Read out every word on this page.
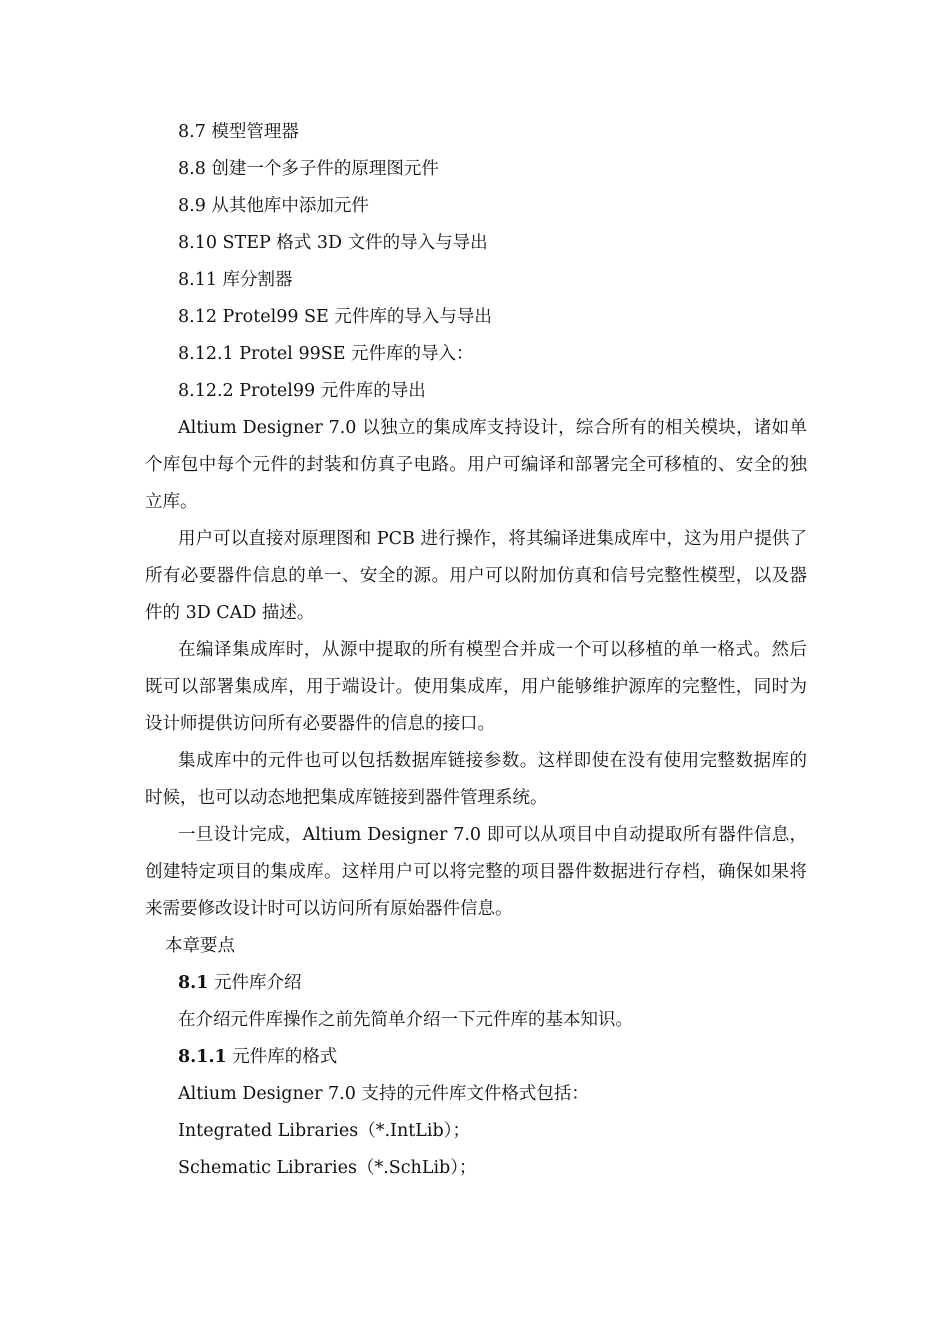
8.7 模型管理器

8.8 创建一个多子件的原理图元件

8.9 从其他库中添加元件

8.10 STEP 格式 3D 文件的导入与导出

8.11 库分割器

8.12 Protel99 SE 元件库的导入与导出

8.12.1 Protel 99SE 元件库的导入：

8.12.2 Protel99 元件库的导出

Altium Designer 7.0 以独立的集成库支持设计，综合所有的相关模块，诸如单个库包中每个元件的封装和仿真子电路。用户可编译和部署完全可移植的、安全的独立库。

用户可以直接对原理图和 PCB 进行操作，将其编译进集成库中，这为用户提供了所有必要器件信息的单一、安全的源。用户可以附加仿真和信号完整性模型，以及器件的 3D CAD 描述。

在编译集成库时，从源中提取的所有模型合并成一个可以移植的单一格式。然后既可以部署集成库，用于端设计。使用集成库，用户能够维护源库的完整性，同时为设计师提供访问所有必要器件的信息的接口。

集成库中的元件也可以包括数据库链接参数。这样即使在没有使用完整数据库的时候，也可以动态地把集成库链接到器件管理系统。

一旦设计完成，Altium Designer 7.0 即可以从项目中自动提取所有器件信息，创建特定项目的集成库。这样用户可以将完整的项目器件数据进行存档，确保如果将来需要修改设计时可以访问所有原始器件信息。

本章要点

8.1 元件库介绍

在介绍元件库操作之前先简单介绍一下元件库的基本知识。

8.1.1 元件库的格式

Altium Designer 7.0 支持的元件库文件格式包括：

Integrated Libraries（*.IntLib）；

Schematic Libraries（*.SchLib）；
